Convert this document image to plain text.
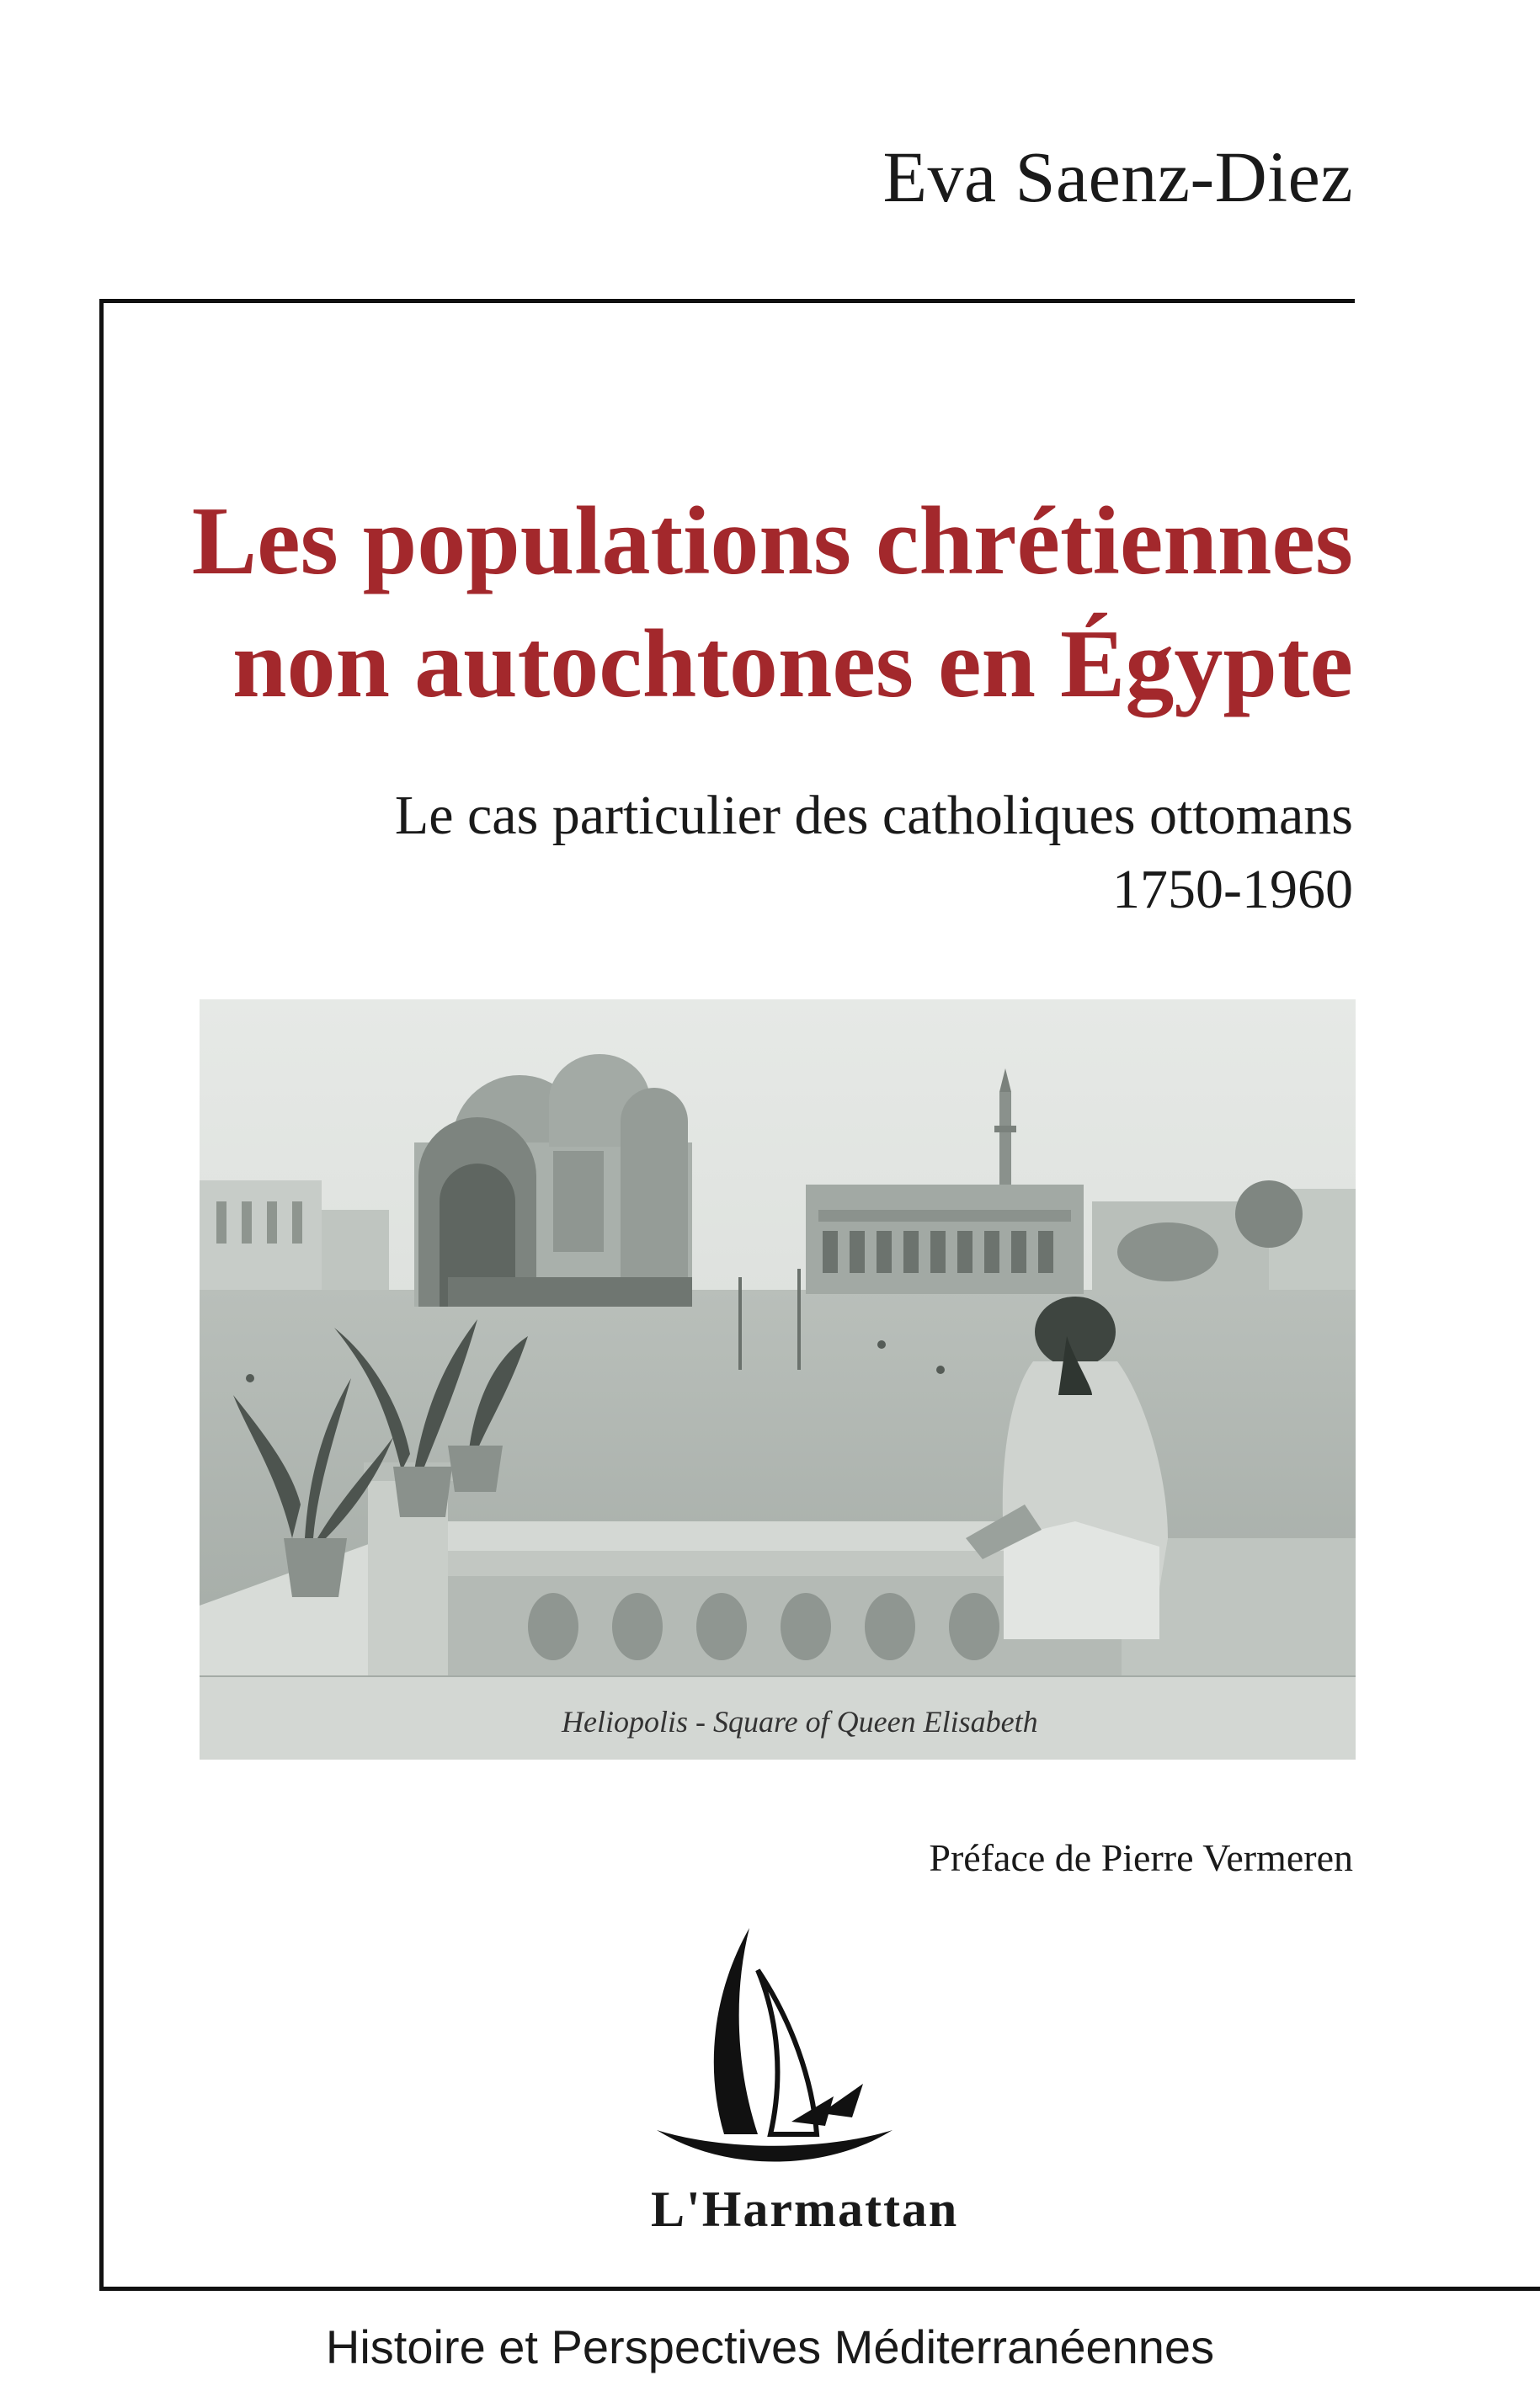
Eva Saenz-Diez
Les populations chrétiennes
non autochtones en Égypte
Le cas particulier des catholiques ottomans
1750-1960
Heliopolis - Square of Queen Elisabeth
Préface de Pierre Vermeren
L'Harmattan
Histoire et Perspectives Méditerranéennes
